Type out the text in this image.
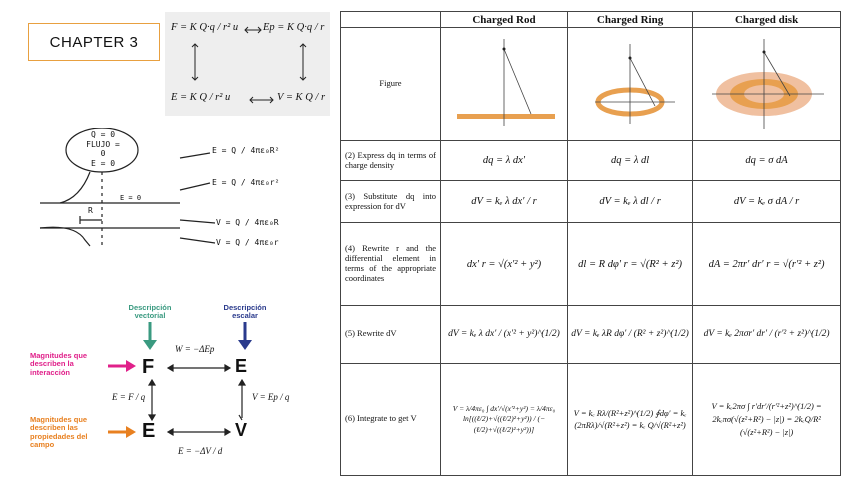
CHAPTER 3
F = K Q·q / r² u Ep = K Q·q / r
E = K Q / r² u	V = K Q / r
Q = 0
FLUJO = 0
E = 0
E = 0
R
E = Q / 4πε₀R²
E = Q / 4πε₀r²
V = Q / 4πε₀R
V = Q / 4πε₀r
Descripción vectorial
Descripción escalar
Magnitudes que describen la interacción
Magnitudes que describen las propiedades del campo
F	E
E	V
W = −ΔEp
E = F / q	V = Ep / q
E = −ΔV / d
	Charged Rod	Charged Ring	Charged disk
Figure	

(2) Express dq in terms of charge density	dq = λ dx′	dq = λ dl	dq = σ dA
(3) Substitute dq into expression for dV	dV = kₑ λ dx′ / r	dV = kₑ λ dl / r	dV = kₑ σ dA / r
(4) Rewrite r and the differential element in terms of the appropriate coordinates	dx′ r = √(x′² + y²)	dl = R dφ′ r = √(R² + z²)	dA = 2πr′ dr′ r = √(r′² + z²)
(5) Rewrite dV	dV = kₑ λ dx′ / (x′² + y²)^(1/2)	dV = kₑ λR dφ′ / (R² + z²)^(1/2)	dV = kₑ 2πσr′ dr′ / (r′² + z²)^(1/2)
(6) Integrate to get V	V = λ/4πε₀ ∫ dx′/√(x′²+y²) = λ/4πε₀ ln[((ℓ/2)+√((ℓ/2)²+y²)) / (−(ℓ/2)+√((ℓ/2)²+y²))]	V = kₑ Rλ/(R²+z²)^(1/2) ∮dφ′ = kₑ (2πRλ)/√(R²+z²) = kₑ Q/√(R²+z²)	V = kₑ2πσ ∫ r′dr′/(r′²+z²)^(1/2) = 2kₑπσ(√(z²+R²) − |z|) = 2kₑQ/R² (√(z²+R²) − |z|)
